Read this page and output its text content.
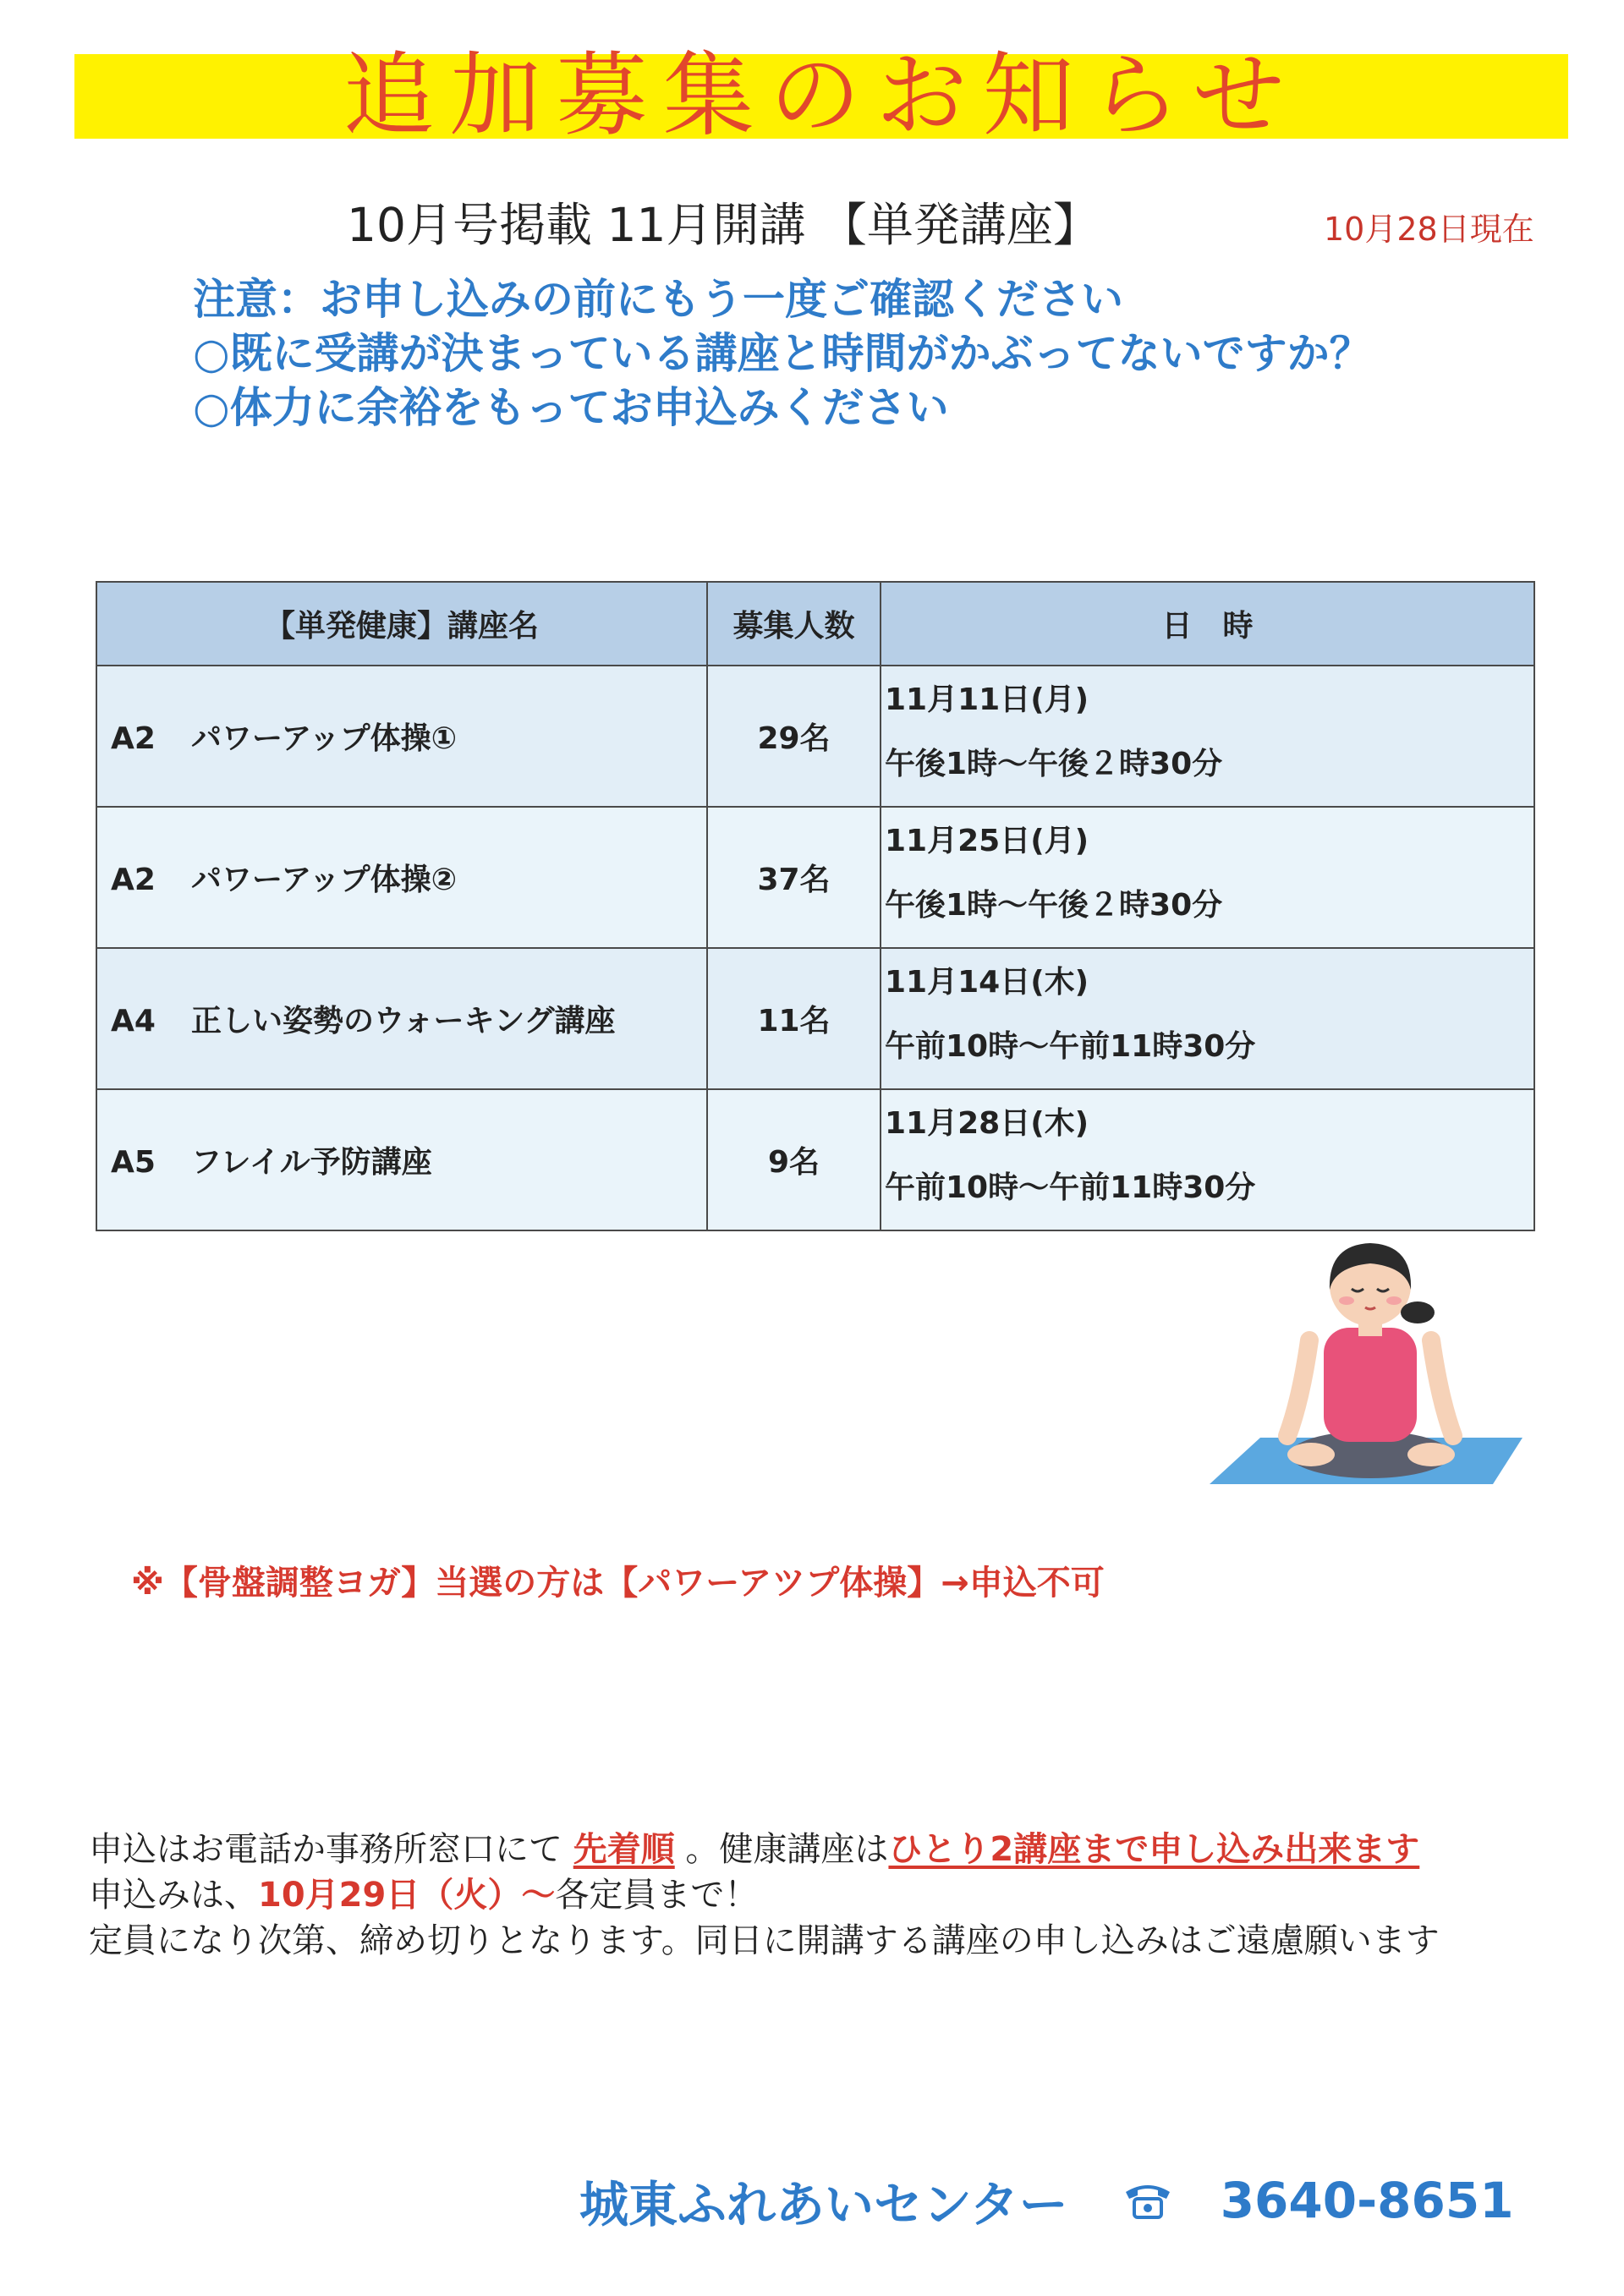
追加募集のお知らせ
10月号掲載 11月開講 【単発講座】	10月28日現在
注意：お申し込みの前にもう一度ご確認ください
○既に受講が決まっている講座と時間がかぶってないですか？
○体力に余裕をもってお申込みください
【単発健康】講座名	募集人数	日　時
A2 パワーアップ体操①	29名	11月11日(月)
午後1時～午後２時30分

A2 パワーアップ体操②	37名	11月25日(月)
午後1時～午後２時30分

A4 正しい姿勢のウォーキング講座	11名	11月14日(木)
午前10時～午前11時30分

A5 フレイル予防講座	9名	11月28日(木)
午前10時～午前11時30分
※【骨盤調整ヨガ】当選の方は【パワーアツプ体操】→申込不可
申込はお電話か事務所窓口にて 先着順 。健康講座はひとり2講座まで申し込み出来ます
申込みは、10月29日（火）～各定員まで！
定員になり次第、締め切りとなります。同日に開講する講座の申し込みはご遠慮願います
城東ふれあいセンター	3640-8651
